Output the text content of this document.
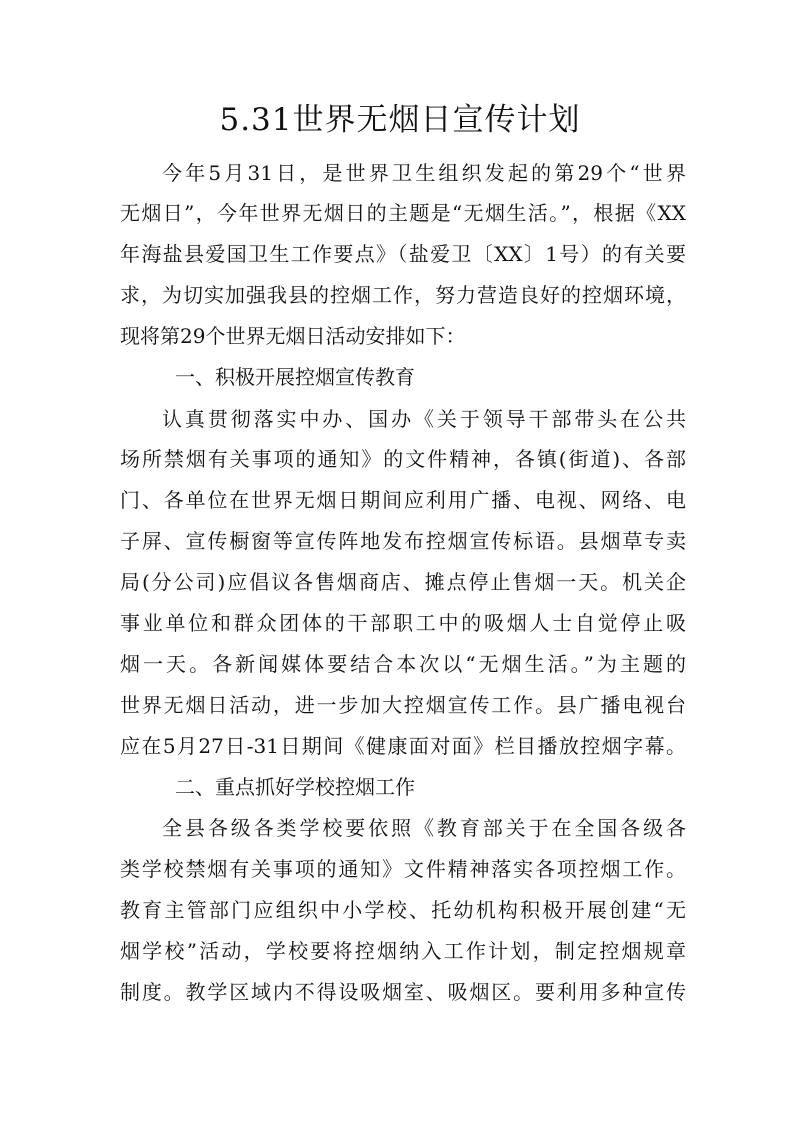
5.31世界无烟日宣传计划

今年5月31日，是世界卫生组织发起的第29个“世界

无烟日”，今年世界无烟日的主题是“无烟生活。”，根据《XX

年海盐县爱国卫生工作要点》（盐爱卫〔XX〕1号）的有关要

求，为切实加强我县的控烟工作，努力营造良好的控烟环境，

现将第29个世界无烟日活动安排如下：

一、积极开展控烟宣传教育

认真贯彻落实中办、国办《关于领导干部带头在公共

场所禁烟有关事项的通知》的文件精神，各镇(街道)、各部

门、各单位在世界无烟日期间应利用广播、电视、网络、电

子屏、宣传橱窗等宣传阵地发布控烟宣传标语。县烟草专卖

局(分公司)应倡议各售烟商店、摊点停止售烟一天。机关企

事业单位和群众团体的干部职工中的吸烟人士自觉停止吸

烟一天。各新闻媒体要结合本次以“无烟生活。”为主题的

世界无烟日活动，进一步加大控烟宣传工作。县广播电视台

应在5月27日-31日期间《健康面对面》栏目播放控烟字幕。

二、重点抓好学校控烟工作

全县各级各类学校要依照《教育部关于在全国各级各

类学校禁烟有关事项的通知》文件精神落实各项控烟工作。

教育主管部门应组织中小学校、托幼机构积极开展创建“无

烟学校”活动，学校要将控烟纳入工作计划，制定控烟规章

制度。教学区域内不得设吸烟室、吸烟区。要利用多种宣传
